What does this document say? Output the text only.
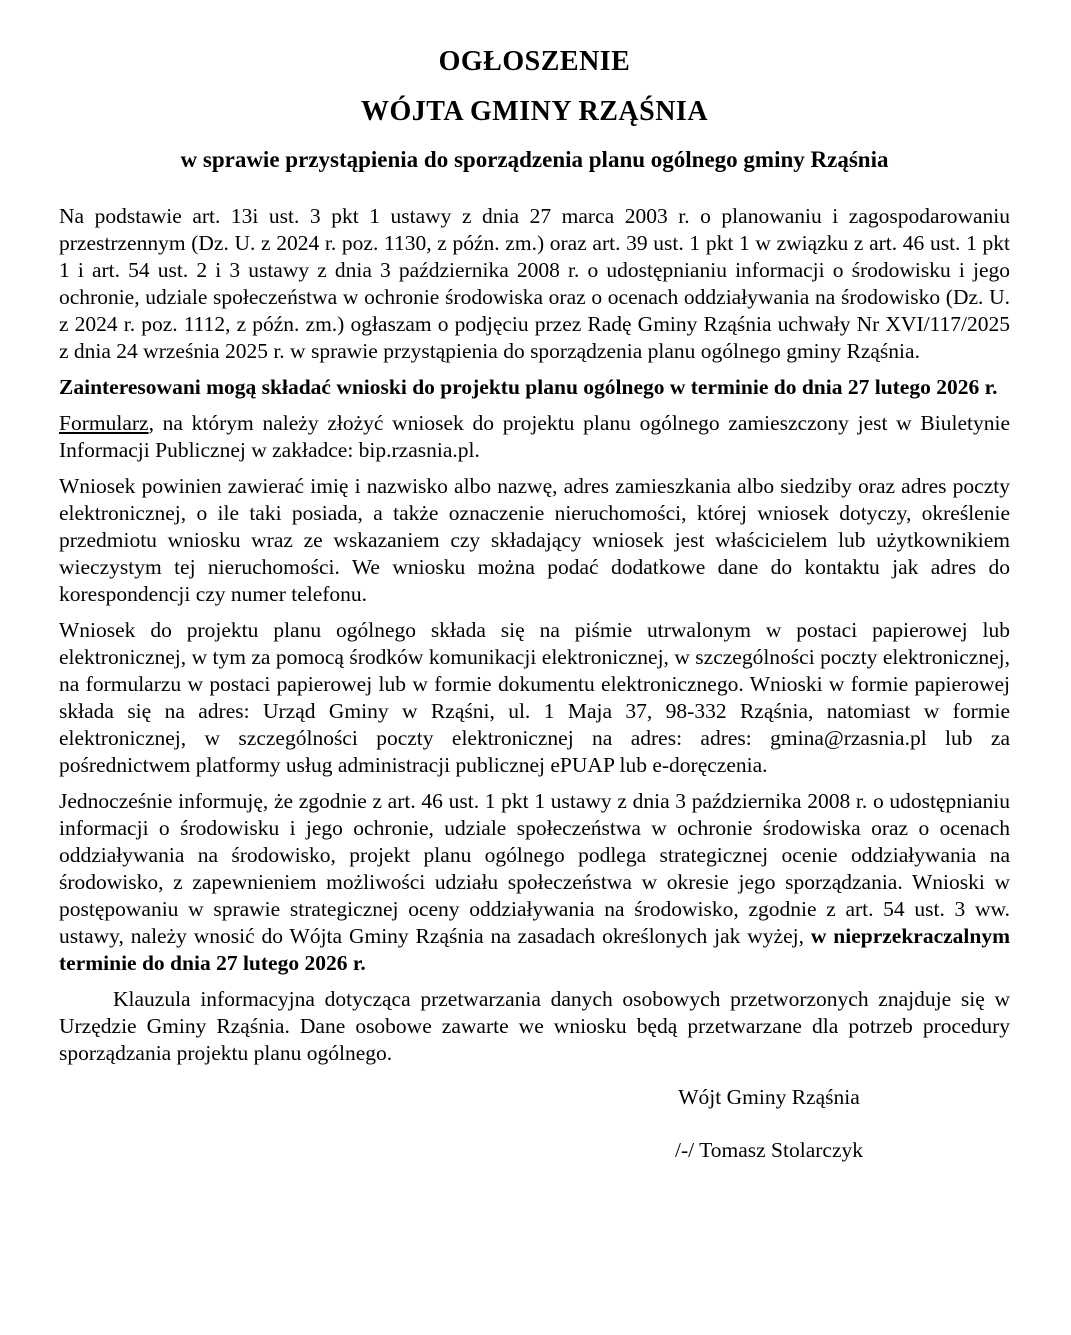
OGŁOSZENIE
WÓJTA GMINY RZĄŚNIA
w sprawie przystąpienia do sporządzenia planu ogólnego gminy Rząśnia

Na podstawie art. 13i ust. 3 pkt 1 ustawy z dnia 27 marca 2003 r. o planowaniu i zagospodarowaniu przestrzennym (Dz. U. z 2024 r. poz. 1130, z późn. zm.) oraz art. 39 ust. 1 pkt 1 w związku z art. 46 ust. 1 pkt 1 i art. 54 ust. 2 i 3 ustawy z dnia 3 października 2008 r. o udostępnianiu informacji o środowisku i jego ochronie, udziale społeczeństwa w ochronie środowiska oraz o ocenach oddziaływania na środowisko (Dz. U. z 2024 r. poz. 1112, z późn. zm.) ogłaszam o podjęciu przez Radę Gminy Rząśnia uchwały Nr XVI/117/2025 z dnia 24 września 2025 r. w sprawie przystąpienia do sporządzenia planu ogólnego gminy Rząśnia.

Zainteresowani mogą składać wnioski do projektu planu ogólnego w terminie do dnia 27 lutego 2026 r.

Formularz, na którym należy złożyć wniosek do projektu planu ogólnego zamieszczony jest w Biuletynie Informacji Publicznej w zakładce: bip.rzasnia.pl.

Wniosek powinien zawierać imię i nazwisko albo nazwę, adres zamieszkania albo siedziby oraz adres poczty elektronicznej, o ile taki posiada, a także oznaczenie nieruchomości, której wniosek dotyczy, określenie przedmiotu wniosku wraz ze wskazaniem czy składający wniosek jest właścicielem lub użytkownikiem wieczystym tej nieruchomości. We wniosku można podać dodatkowe dane do kontaktu jak adres do korespondencji czy numer telefonu.

Wniosek do projektu planu ogólnego składa się na piśmie utrwalonym w postaci papierowej lub elektronicznej, w tym za pomocą środków komunikacji elektronicznej, w szczególności poczty elektronicznej, na formularzu w postaci papierowej lub w formie dokumentu elektronicznego. Wnioski w formie papierowej składa się na adres: Urząd Gminy w Rząśni, ul. 1 Maja 37, 98-332 Rząśnia, natomiast w formie elektronicznej, w szczególności poczty elektronicznej na adres: adres: gmina@rzasnia.pl lub za pośrednictwem platformy usług administracji publicznej ePUAP lub e-doręczenia.

Jednocześnie informuję, że zgodnie z art. 46 ust. 1 pkt 1 ustawy z dnia 3 października 2008 r. o udostępnianiu informacji o środowisku i jego ochronie, udziale społeczeństwa w ochronie środowiska oraz o ocenach oddziaływania na środowisko, projekt planu ogólnego podlega strategicznej ocenie oddziaływania na środowisko, z zapewnieniem możliwości udziału społeczeństwa w okresie jego sporządzania. Wnioski w postępowaniu w sprawie strategicznej oceny oddziaływania na środowisko, zgodnie z art. 54 ust. 3 ww. ustawy, należy wnosić do Wójta Gminy Rząśnia na zasadach określonych jak wyżej, w nieprzekraczalnym terminie do dnia 27 lutego 2026 r.

Klauzula informacyjna dotycząca przetwarzania danych osobowych przetworzonych znajduje się w Urzędzie Gminy Rząśnia. Dane osobowe zawarte we wniosku będą przetwarzane dla potrzeb procedury sporządzania projektu planu ogólnego.

Wójt Gminy Rząśnia
/-/ Tomasz Stolarczyk
